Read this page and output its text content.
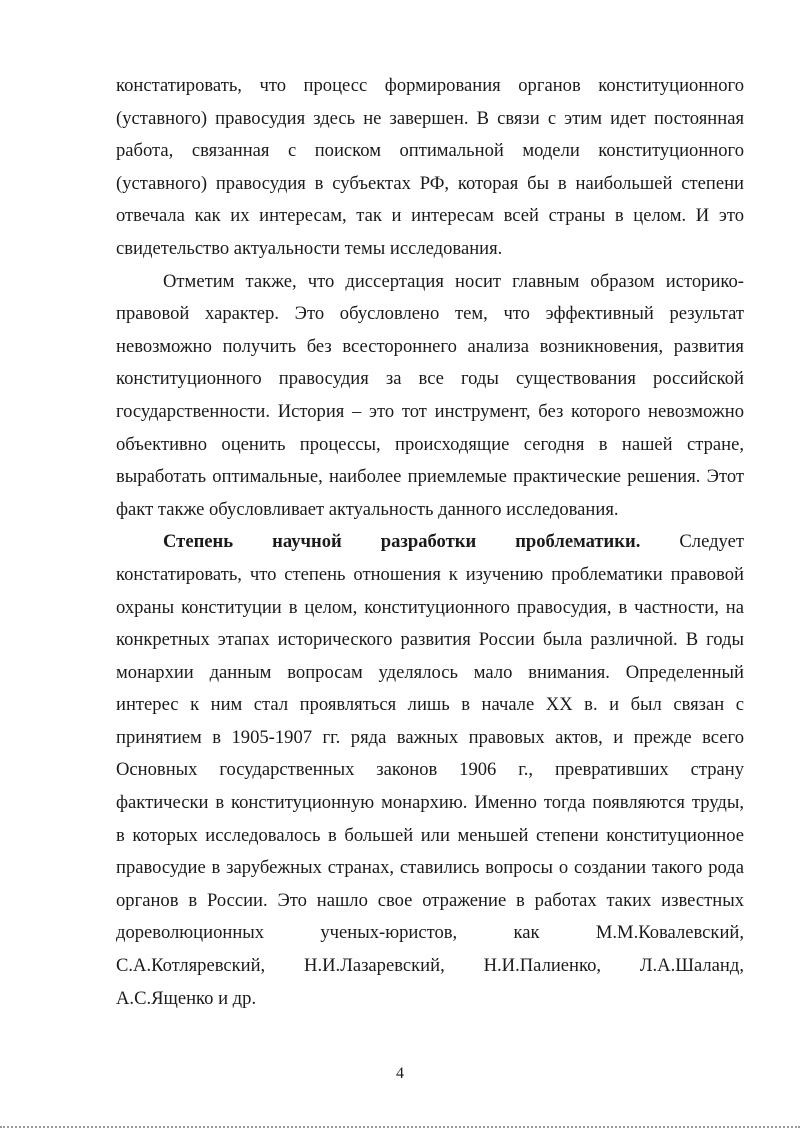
констатировать, что процесс формирования органов конституционного
(уставного) правосудия здесь не завершен. В связи с этим идет постоянная
работа, связанная с поиском оптимальной модели конституционного
(уставного) правосудия в субъектах РФ, которая бы в наибольшей степени
отвечала как их интересам, так и интересам всей страны в целом. И это
свидетельство актуальности темы исследования.
Отметим также, что диссертация носит главным образом историко-
правовой характер. Это обусловлено тем, что эффективный результат
невозможно получить без всестороннего анализа возникновения, развития
конституционного правосудия за все годы существования российской
государственности. История – это тот инструмент, без которого невозможно
объективно оценить процессы, происходящие сегодня в нашей стране,
выработать оптимальные, наиболее приемлемые практические решения. Этот
факт также обусловливает актуальность данного исследования.
Степень научной разработки проблематики. Следует
констатировать, что степень отношения к изучению проблематики правовой
охраны конституции в целом, конституционного правосудия, в частности, на
конкретных этапах исторического развития России была различной. В годы
монархии данным вопросам уделялось мало внимания. Определенный
интерес к ним стал проявляться лишь в начале XX в. и был связан с
принятием в 1905-1907 гг. ряда важных правовых актов, и прежде всего
Основных государственных законов 1906 г., превративших страну
фактически в конституционную монархию. Именно тогда появляются труды,
в которых исследовалось в большей или меньшей степени конституционное
правосудие в зарубежных странах, ставились вопросы о создании такого рода
органов в России. Это нашло свое отражение в работах таких известных
дореволюционных ученых-юристов, как М.М.Ковалевский,
С.А.Котляревский, Н.И.Лазаревский, Н.И.Палиенко, Л.А.Шаланд,
А.С.Ященко и др.
4
